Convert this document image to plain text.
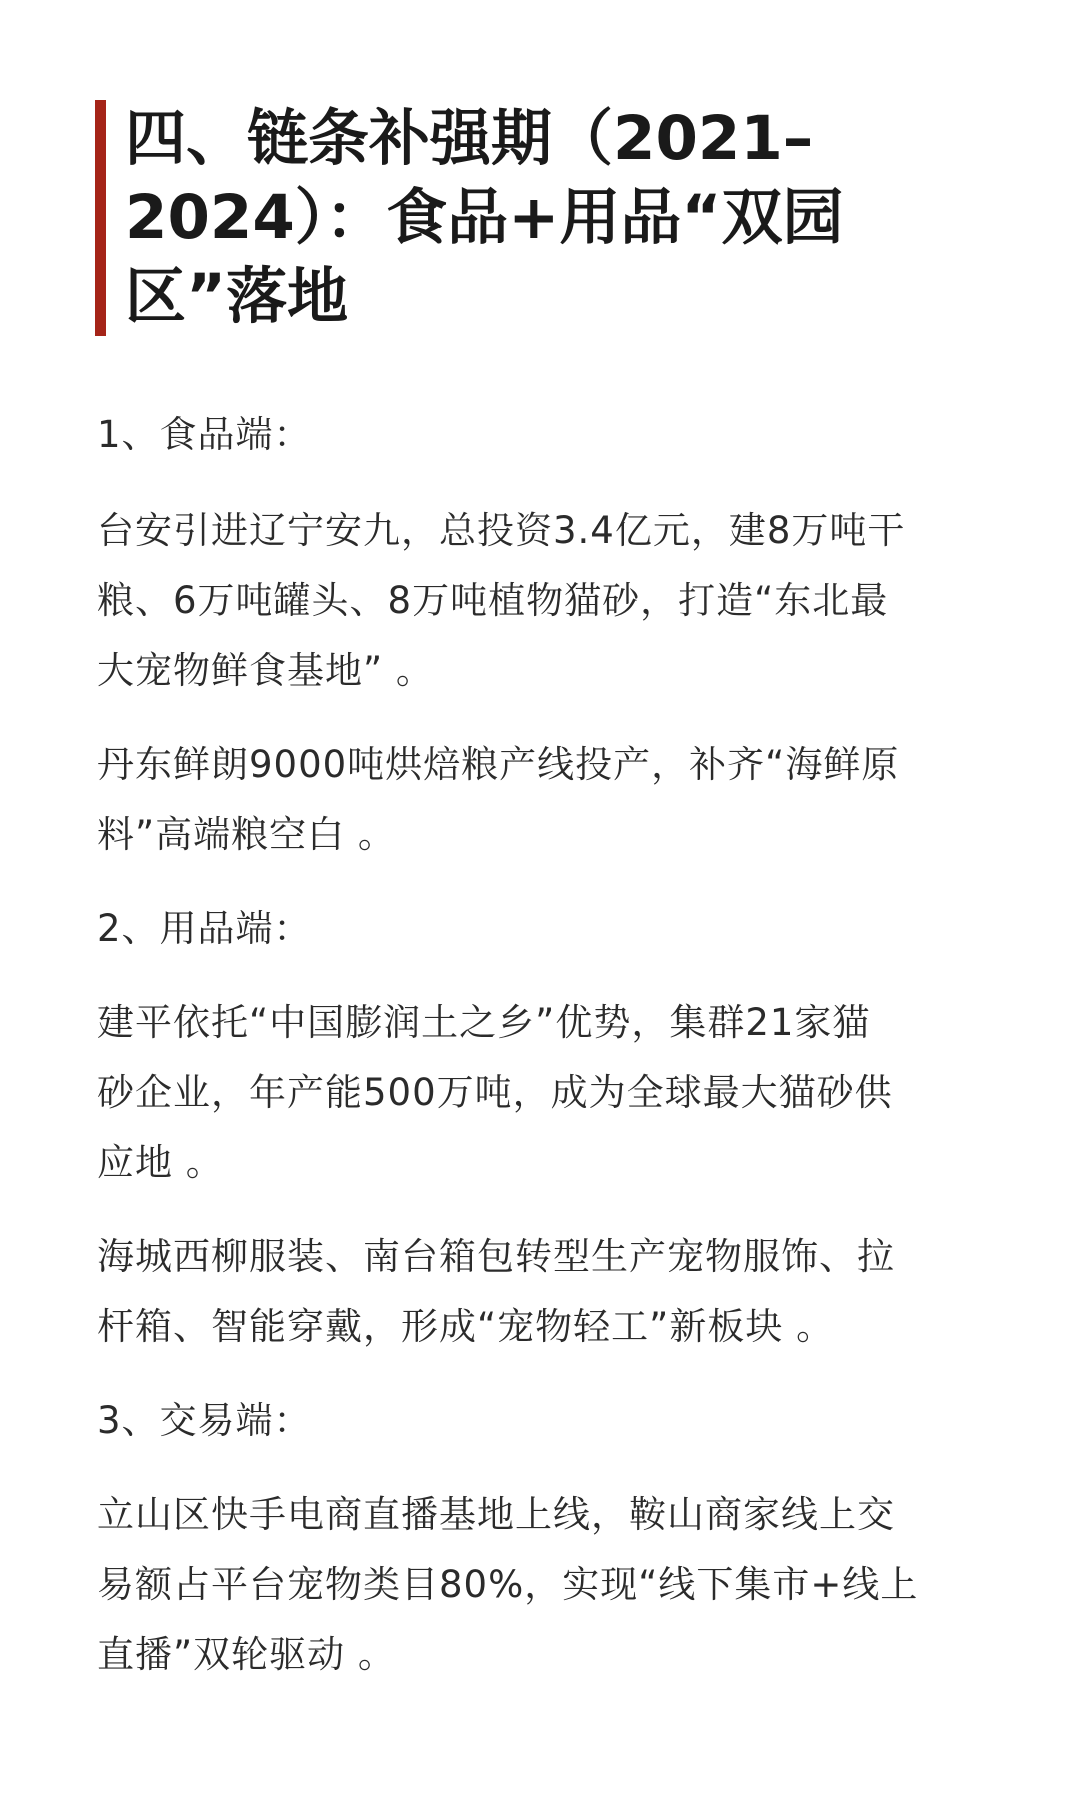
四、链条补强期（2021–
2024）：食品+用品“双园
区”落地
1、食品端：
台安引进辽宁安九，总投资3.4亿元，建8万吨干
粮、6万吨罐头、8万吨植物猫砂，打造“东北最
大宠物鲜食基地” 。
丹东鲜朗9000吨烘焙粮产线投产，补齐“海鲜原
料”高端粮空白 。
2、用品端：
建平依托“中国膨润土之乡”优势，集群21家猫
砂企业，年产能500万吨，成为全球最大猫砂供
应地 。
海城西柳服装、南台箱包转型生产宠物服饰、拉
杆箱、智能穿戴，形成“宠物轻工”新板块 。
3、交易端：
立山区快手电商直播基地上线，鞍山商家线上交
易额占平台宠物类目80%，实现“线下集市+线上
直播”双轮驱动 。
